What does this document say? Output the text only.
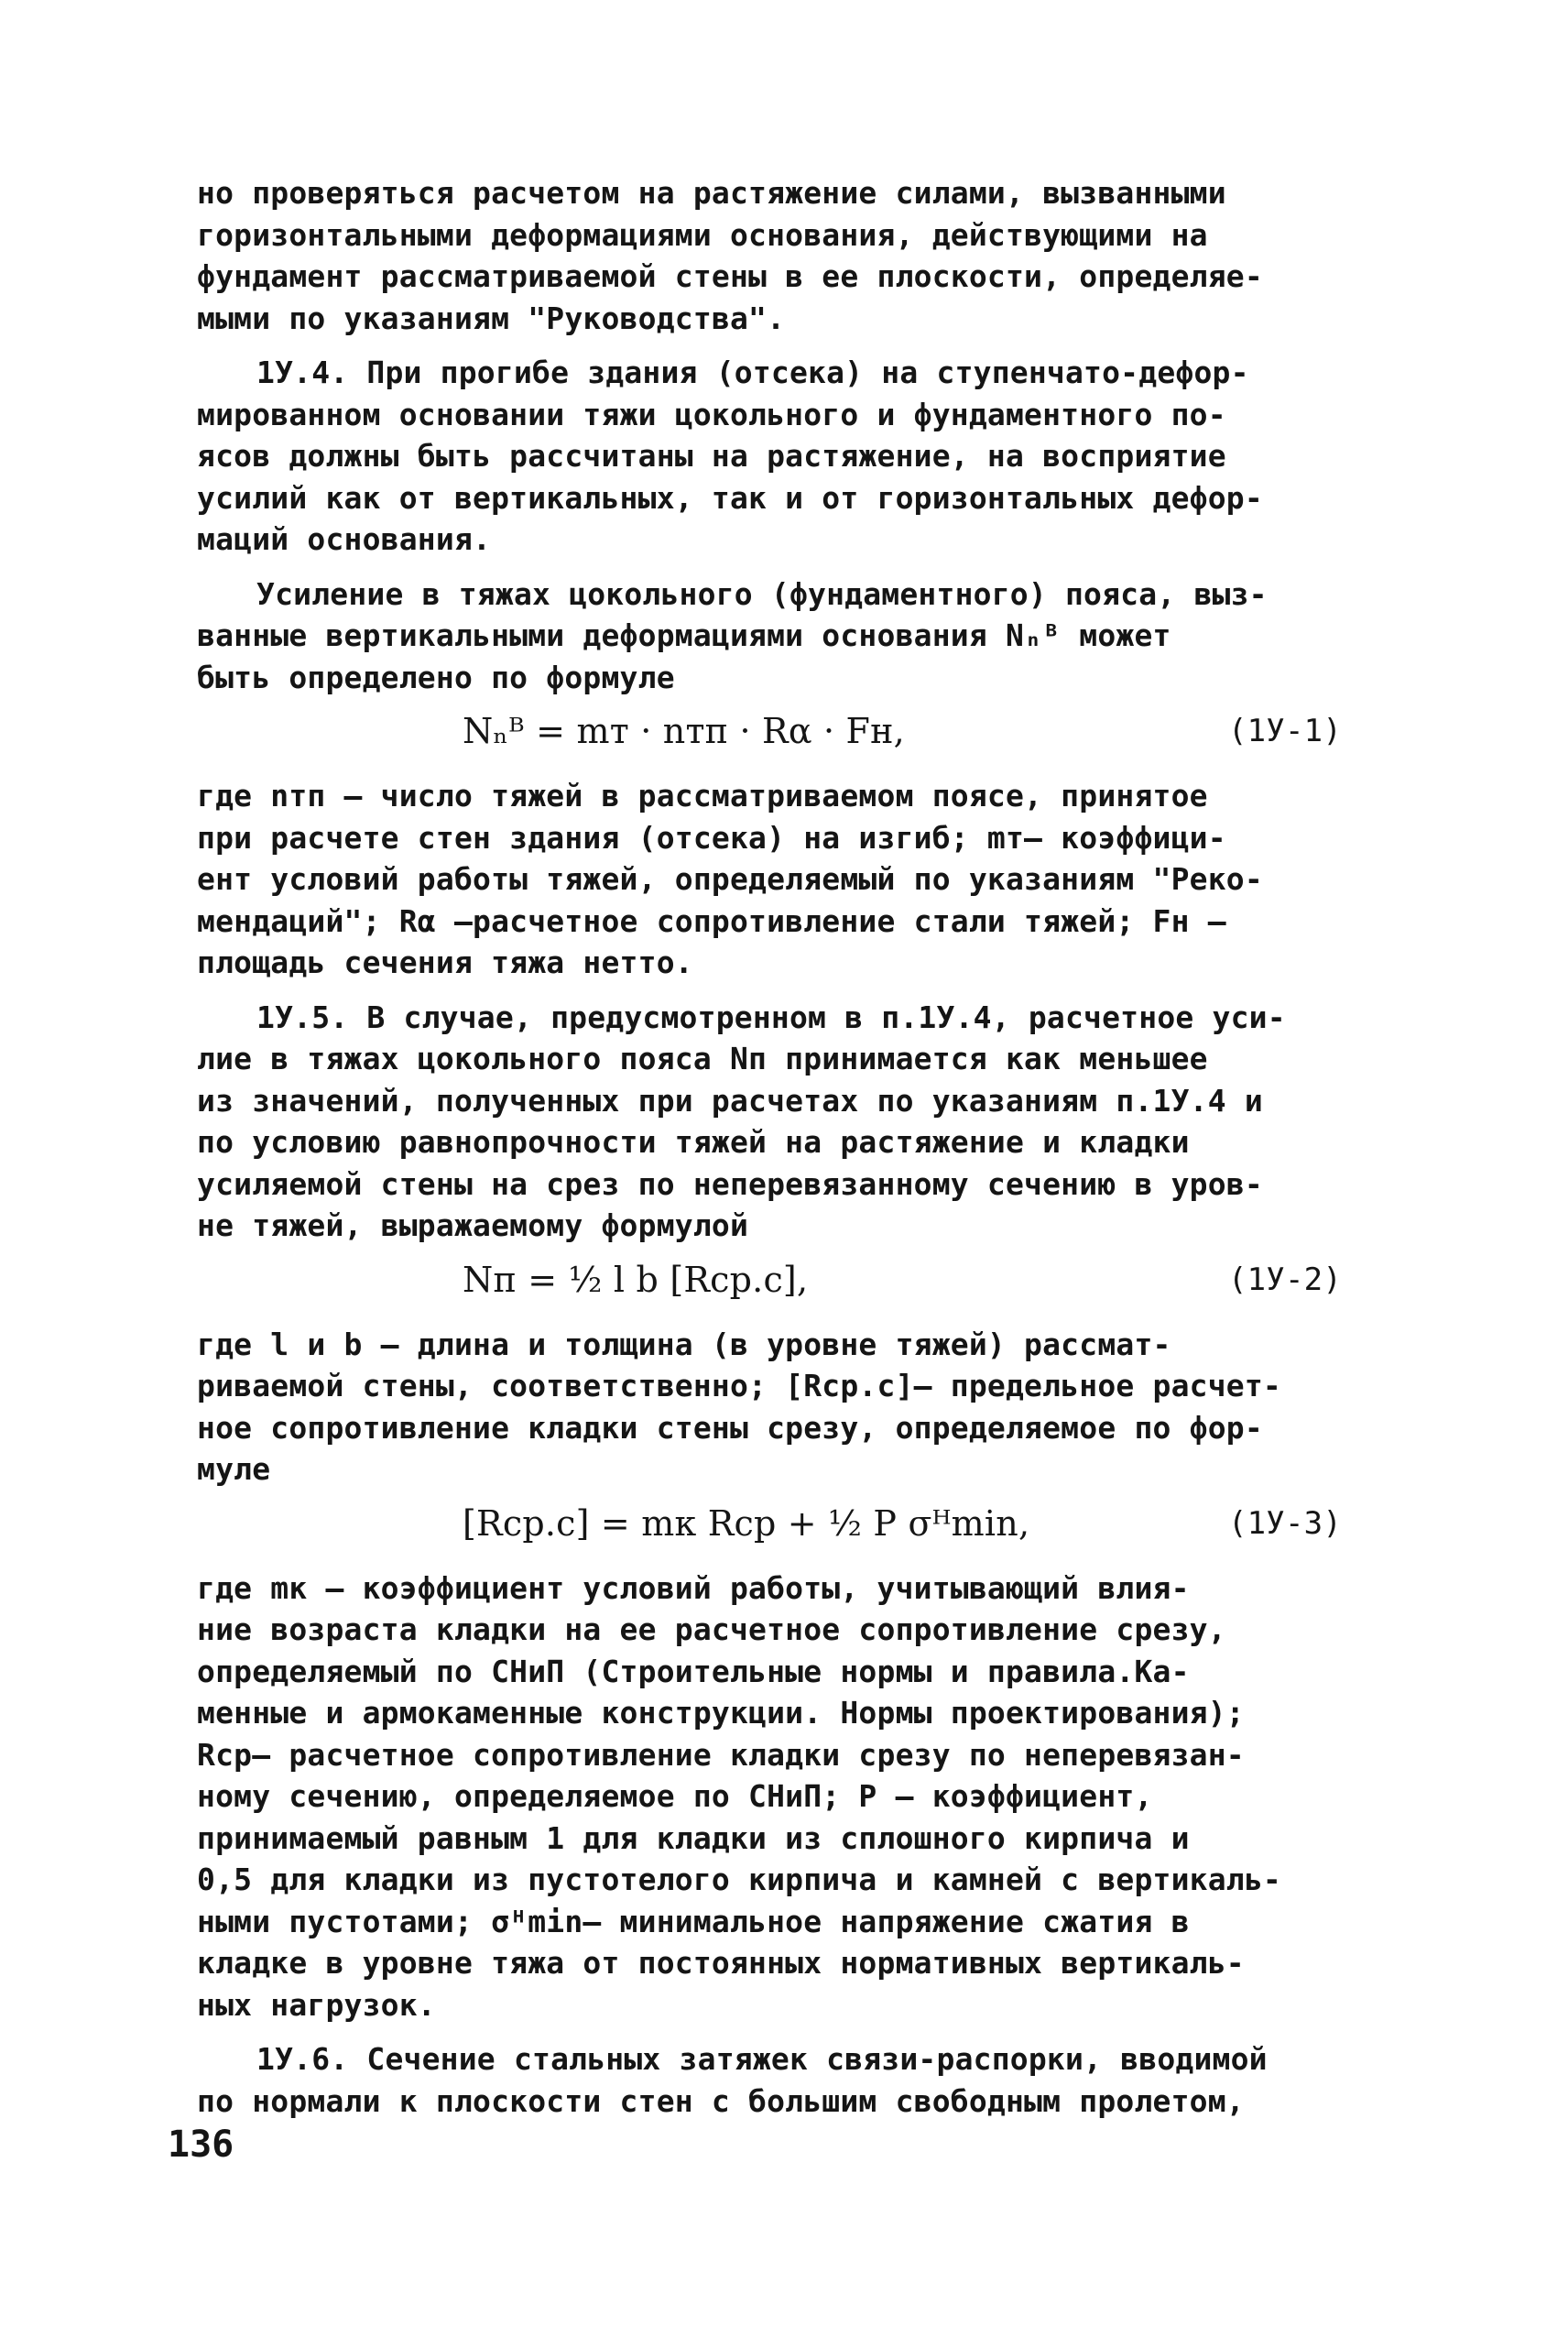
но проверяться расчетом на растяжение силами, вызванными
горизонтальными деформациями основания, действующими на
фундамент рассматриваемой стены в ее плоскости, определяе-
мыми по указаниям "Руководства".
1У.4. При прогибе здания (отсека) на ступенчато-дефор-
мированном основании тяжи цокольного и фундаментного по-
ясов должны быть рассчитаны на растяжение, на восприятие
усилий как от вертикальных, так и от горизонтальных дефор-
маций основания.
Усиление в тяжах цокольного (фундаментного) пояса, выз-
ванные вертикальными деформациями основания Nₙᴮ может
быть определено по формуле
Nₙᴮ = mт · nтп · Rα · Fн,	(1У-1)
где nтп – число тяжей в рассматриваемом поясе, принятое
при расчете стен здания (отсека) на изгиб; mт– коэффици-
ент условий работы тяжей, определяемый по указаниям "Реко-
мендаций"; Rα –расчетное сопротивление стали тяжей; Fн –
площадь сечения тяжа нетто.
1У.5. В случае, предусмотренном в п.1У.4, расчетное уси-
лие в тяжах цокольного пояса Nп принимается как меньшее
из значений, полученных при расчетах по указаниям п.1У.4 и
по условию равнопрочности тяжей на растяжение и кладки
усиляемой стены на срез по неперевязанному сечению в уров-
не тяжей, выражаемому формулой
Nп = ½ l b [Rср.с],	(1У-2)
где l и b – длина и толщина (в уровне тяжей) рассмат-
риваемой стены, соответственно; [Rср.с]– предельное расчет-
ное сопротивление кладки стены срезу, определяемое по фор-
муле
[Rср.с] = mк Rср + ½ P σᴴmin,	(1У-3)
где mк – коэффициент условий работы, учитывающий влия-
ние возраста кладки на ее расчетное сопротивление срезу,
определяемый по СНиП (Строительные нормы и правила.Ка-
менные и армокаменные конструкции. Нормы проектирования);
Rср– расчетное сопротивление кладки срезу по неперевязан-
ному сечению, определяемое по СНиП; P – коэффициент,
принимаемый равным 1 для кладки из сплошного кирпича и
0,5 для кладки из пустотелого кирпича и камней с вертикаль-
ными пустотами; σᴴmin– минимальное напряжение сжатия в
кладке в уровне тяжа от постоянных нормативных вертикаль-
ных нагрузок.
1У.6. Сечение стальных затяжек связи-распорки, вводимой
по нормали к плоскости стен с большим свободным пролетом,
136
